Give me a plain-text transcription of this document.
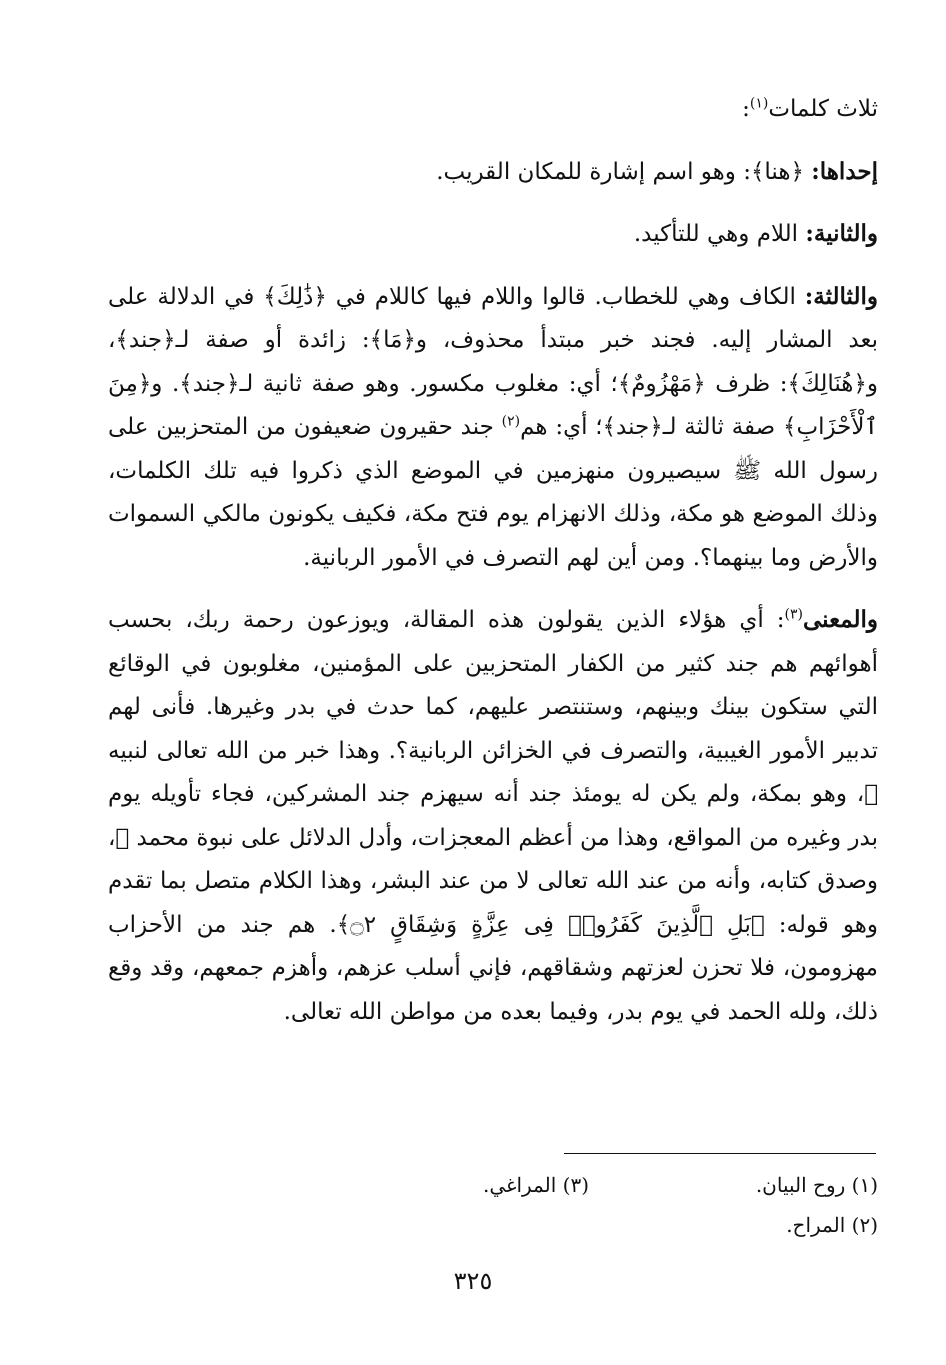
ثلاث كلمات$^{(١)}$:

إحداها: ﴿هنا﴾: وهو اسم إشارة للمكان القريب.

والثانية: اللام وهي للتأكيد.

والثالثة: الكاف وهي للخطاب. قالوا واللام فيها كاللام في ﴿ذَٰلِكَ﴾ في الدلالة على بعد المشار إليه. فجند خبر مبتدأ محذوف، و﴿مَا﴾: زائدة أو صفة لـ﴿جند﴾، و﴿هُنَالِكَ﴾: ظرف ﴿مَهْزُومٌ﴾؛ أي: مغلوب مكسور. وهو صفة ثانية لـ﴿جند﴾. و﴿مِنَ ٱلْأَحْزَابِ﴾ صفة ثالثة لـ﴿جند﴾؛ أي: هم$^{(٢)}$ جند حقيرون ضعيفون من المتحزبين على رسول الله ﷺ سيصيرون منهزمين في الموضع الذي ذكروا فيه تلك الكلمات، وذلك الموضع هو مكة، وذلك الانهزام يوم فتح مكة، فكيف يكونون مالكي السموات والأرض وما بينهما؟. ومن أين لهم التصرف في الأمور الربانية.

والمعنى$^{(٣)}$: أي هؤلاء الذين يقولون هذه المقالة، ويوزعون رحمة ربك، بحسب أهوائهم هم جند كثير من الكفار المتحزبين على المؤمنين، مغلوبون في الوقائع التي ستكون بينك وبينهم، وستنتصر عليهم، كما حدث في بدر وغيرها. فأنى لهم تدبير الأمور الغيبية، والتصرف في الخزائن الربانية؟. وهذا خبر من الله تعالى لنبيه ﷺ، وهو بمكة، ولم يكن له يومئذ جند أنه سيهزم جند المشركين، فجاء تأويله يوم بدر وغيره من المواقع، وهذا من أعظم المعجزات، وأدل الدلائل على نبوة محمد ﷺ، وصدق كتابه، وأنه من عند الله تعالى لا من عند البشر، وهذا الكلام متصل بما تقدم وهو قوله: ﴿بَلِ ٱلَّذِينَ كَفَرُوا۟ فِى عِزَّةٍ وَشِقَاقٍ ۝٢﴾. هم جند من الأحزاب مهزومون، فلا تحزن لعزتهم وشقاقهم، فإني أسلب عزهم، وأهزم جمعهم، وقد وقع ذلك، ولله الحمد في يوم بدر، وفيما بعده من مواطن الله تعالى.

(١) روح البيان.
(٣) المراغي.
(٢) المراح.
٣٢٥
